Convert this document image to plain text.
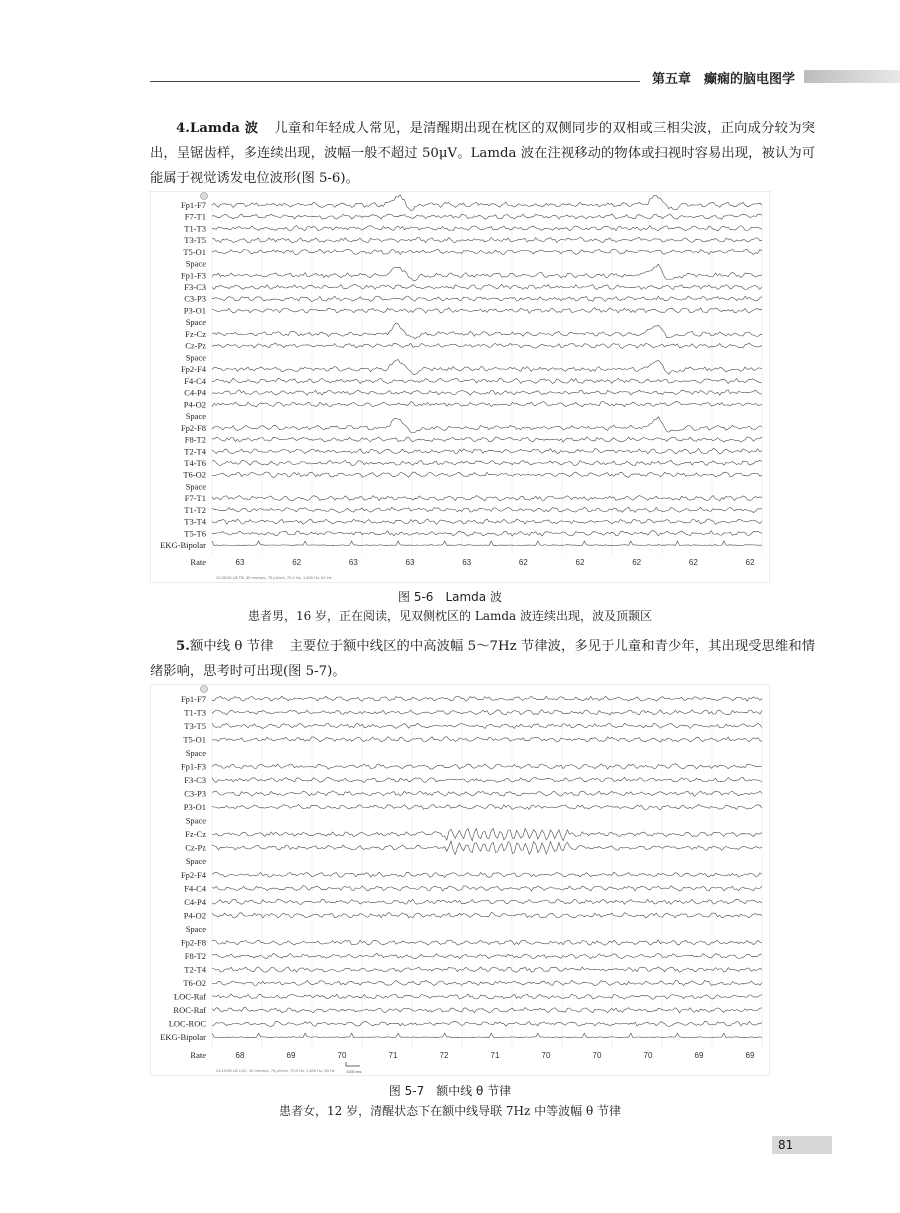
第五章　癫痫的脑电图学

4.Lamda 波 儿童和年轻成人常见，是清醒期出现在枕区的双侧同步的双相或三相尖波，正向成分较为突出，呈锯齿样，多连续出现，波幅一般不超过 50μV。Lamda 波在注视移动的物体或扫视时容易出现，被认为可能属于视觉诱发电位波形(图 5-6)。

Fp1-F7
F7-T1
T1-T3
T3-T5
T5-O1
Space
Fp1-F3
F3-C3
C3-P3
P3-O1
Space
Fz-Cz
Cz-Pz
Space
Fp2-F4
F4-C4
C4-P4
P4-O2
Space
Fp2-F8
F8-T2
T2-T4
T4-T6
T6-O2
Space
F7-T1
T1-T2
T3-T4
T5-T6
EKG-Bipolar
Rate	63	62	63	63	63	62	62	62	62	62
23:35:06 LB TB, 30 mm/sec, 75 µV/cm, 70.0 Hz, 1.600 Hz, 50 Hz
图 5-6　Lamda 波
患者男，16 岁，正在阅读，见双侧枕区的 Lamda 波连续出现，波及顶颞区

5.额中线 θ 节律 主要位于额中线区的中高波幅 5～7Hz 节律波，多见于儿童和青少年，其出现受思维和情绪影响，思考时可出现(图 5-7)。

Fp1-F7
T1-T3
T3-T5
T5-O1
Space
Fp1-F3
F3-C3
C3-P3
P3-O1
Space
Fz-Cz
Cz-Pz
Space
Fp2-F4
F4-C4
C4-P4
P4-O2
Space
Fp2-F8
F8-T2
T2-T4
T6-O2
LOC-Raf
ROC-Raf
LOC-ROC
EKG-Bipolar
Rate	68	69	70	71	72	71	70	70	70	69	69
1000 ms
23:19:55 LB LOC, 30 mm/sec, 75 µV/cm, 70.0 Hz, 1.600 Hz, 50 Hz
图 5-7　额中线 θ 节律
患者女，12 岁，清醒状态下在额中线导联 7Hz 中等波幅 θ 节律
81
